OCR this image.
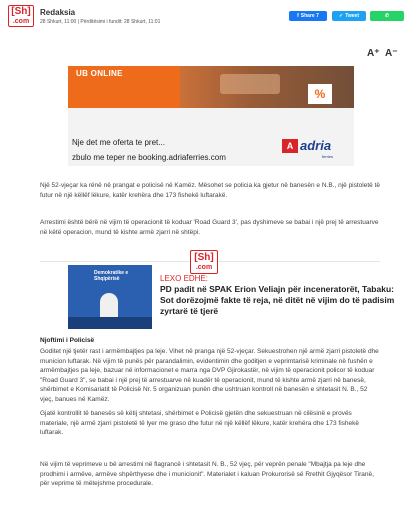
[Sh]
.com
Redaksia
28 Shkurt, 11:00 | Përditësimi i fundit: 28 Shkurt, 11:01
f Share 7	✓ Tweet	✆
A⁺ A⁻
UB ONLINE
%
Nje det me oferta te pret...
zbulo me teper ne booking.adriaferries.com
A adria
ferries

Një 52-vjeçar ka rënë në prangat e policisë në Kamëz. Mësohet se policia ka gjetur në banesën e N.B., një pistoletë të futur në një këllëf lëkure, katër krehëra dhe 173 fishekë luftarakë.

Arrestimi është bërë në vijim të operacionit të koduar 'Road Guard 3', pas dyshimeve se babai i një prej të arrestuarve në këtë operacion, mund të kishte armë zjarri në shtëpi.

[Sh]
.com
Demokratike e Shqipërisë	LEXO EDHE:
PD padit në SPAK Erion Veliajn për inceneratorët, Tabaku: Sot dorëzojmë fakte të reja, në ditët në vijim do të padisim zyrtarë të tjerë
Njoftimi i Policisë

Goditet një tjetër rast i armëmbajtjes pa leje. Vihet në pranga një 52-vjeçar. Sekuestrohen një armë zjarri pistoletë dhe municion luftarak. Në vijim të punës për parandalimin, evidentimin dhe goditjen e veprimtarisë kriminale në fushën e armëmbajtjes pa leje, bazuar në informacionet e marra nga DVP Gjirokastër, në vijim të operacionit policor të koduar "Road Guard 3", se babai i një prej të arrestuarve në kuadër të operacionit, mund të kishte armë zjarri në banesë, shërbimet e Komisariatit të Policisë Nr. 5 organizuan punën dhe ushtruan kontroll në banesën e shtetasit N. B., 52 vjeç, banues në Kamëz.

Gjatë kontrollit të banesës së këtij shtetasi, shërbimet e Policisë gjetën dhe sekuestruan në cilësinë e provës materiale, një armë zjarri pistoletë të lyer me graso dhe futur në një këllëf lëkure, katër krehëra dhe 173 fishekë luftarak.

Në vijim të veprimeve u bë arrestimi në flagrancë i shtetasit N. B., 52 vjeç, për veprën penale "Mbajtja pa leje dhe prodhimi i armëve, armëve shpërthyese dhe i municionit". Materialet i kaluan Prokurorisë së Rrethit Gjyqësor Tiranë, për veprime të mëtejshme procedurale.
